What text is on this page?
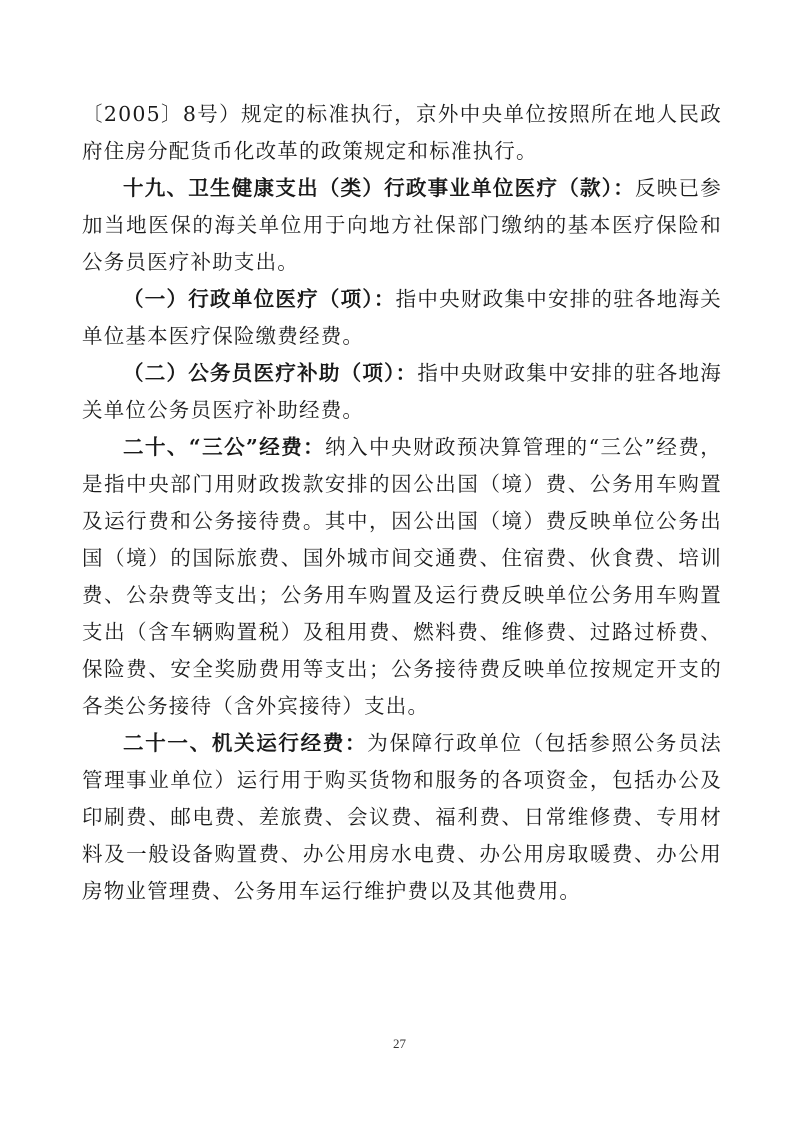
〔2005〕8号）规定的标准执行，京外中央单位按照所在地人民政府住房分配货币化改革的政策规定和标准执行。

十九、卫生健康支出（类）行政事业单位医疗（款）：反映已参加当地医保的海关单位用于向地方社保部门缴纳的基本医疗保险和公务员医疗补助支出。

（一）行政单位医疗（项）：指中央财政集中安排的驻各地海关单位基本医疗保险缴费经费。

（二）公务员医疗补助（项）：指中央财政集中安排的驻各地海关单位公务员医疗补助经费。

二十、“三公”经费：纳入中央财政预决算管理的“三公”经费，是指中央部门用财政拨款安排的因公出国（境）费、公务用车购置及运行费和公务接待费。其中，因公出国（境）费反映单位公务出国（境）的国际旅费、国外城市间交通费、住宿费、伙食费、培训费、公杂费等支出；公务用车购置及运行费反映单位公务用车购置支出（含车辆购置税）及租用费、燃料费、维修费、过路过桥费、保险费、安全奖励费用等支出；公务接待费反映单位按规定开支的各类公务接待（含外宾接待）支出。

二十一、机关运行经费：为保障行政单位（包括参照公务员法管理事业单位）运行用于购买货物和服务的各项资金，包括办公及印刷费、邮电费、差旅费、会议费、福利费、日常维修费、专用材料及一般设备购置费、办公用房水电费、办公用房取暖费、办公用房物业管理费、公务用车运行维护费以及其他费用。

27
